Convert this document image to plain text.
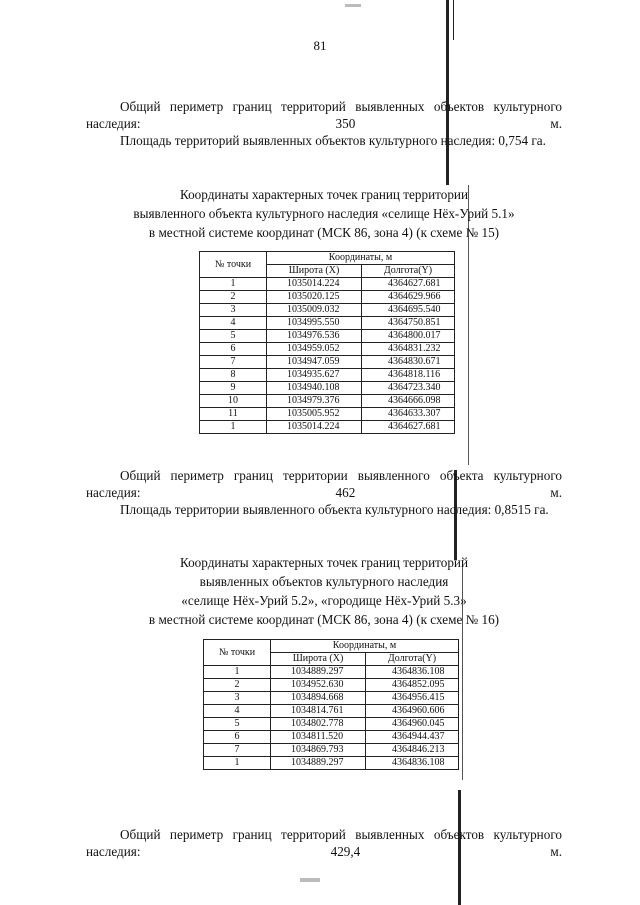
81

Общий периметр границ территорий выявленных объектов культурного наследия: 350 м.

Площадь территорий выявленных объектов культурного наследия: 0,754 га.

Координаты характерных точек границ территории
выявленного объекта культурного наследия «селище Нёх-Урий 5.1»
в местной системе координат (МСК 86, зона 4) (к схеме № 15)
№ точки	Координаты, м	
	Широта (X)	Долгота(Y)
1	1035014.224	4364627.681
2	1035020.125	4364629.966
3	1035009.032	4364695.540
4	1034995.550	4364750.851
5	1034976.536	4364800.017
6	1034959.052	4364831.232
7	1034947.059	4364830.671
8	1034935.627	4364818.116
9	1034940.108	4364723.340
10	1034979.376	4364666.098
11	1035005.952	4364633.307
1	1035014.224	4364627.681

Общий периметр границ территории выявленного объекта культурного наследия: 462 м.

Площадь территории выявленного объекта культурного наследия: 0,8515 га.

Координаты характерных точек границ территорий
выявленных объектов культурного наследия
«селище Нёх-Урий 5.2», «городище Нёх-Урий 5.3»
в местной системе координат (МСК 86, зона 4) (к схеме № 16)
№ точки	Координаты, м	
	Широта (X)	Долгота(Y)
1	1034889.297	4364836.108
2	1034952.630	4364852.095
3	1034894.668	4364956.415
4	1034814.761	4364960.606
5	1034802.778	4364960.045
6	1034811.520	4364944.437
7	1034869.793	4364846.213
1	1034889.297	4364836.108

Общий периметр границ территорий выявленных объектов культурного наследия: 429,4 м.
